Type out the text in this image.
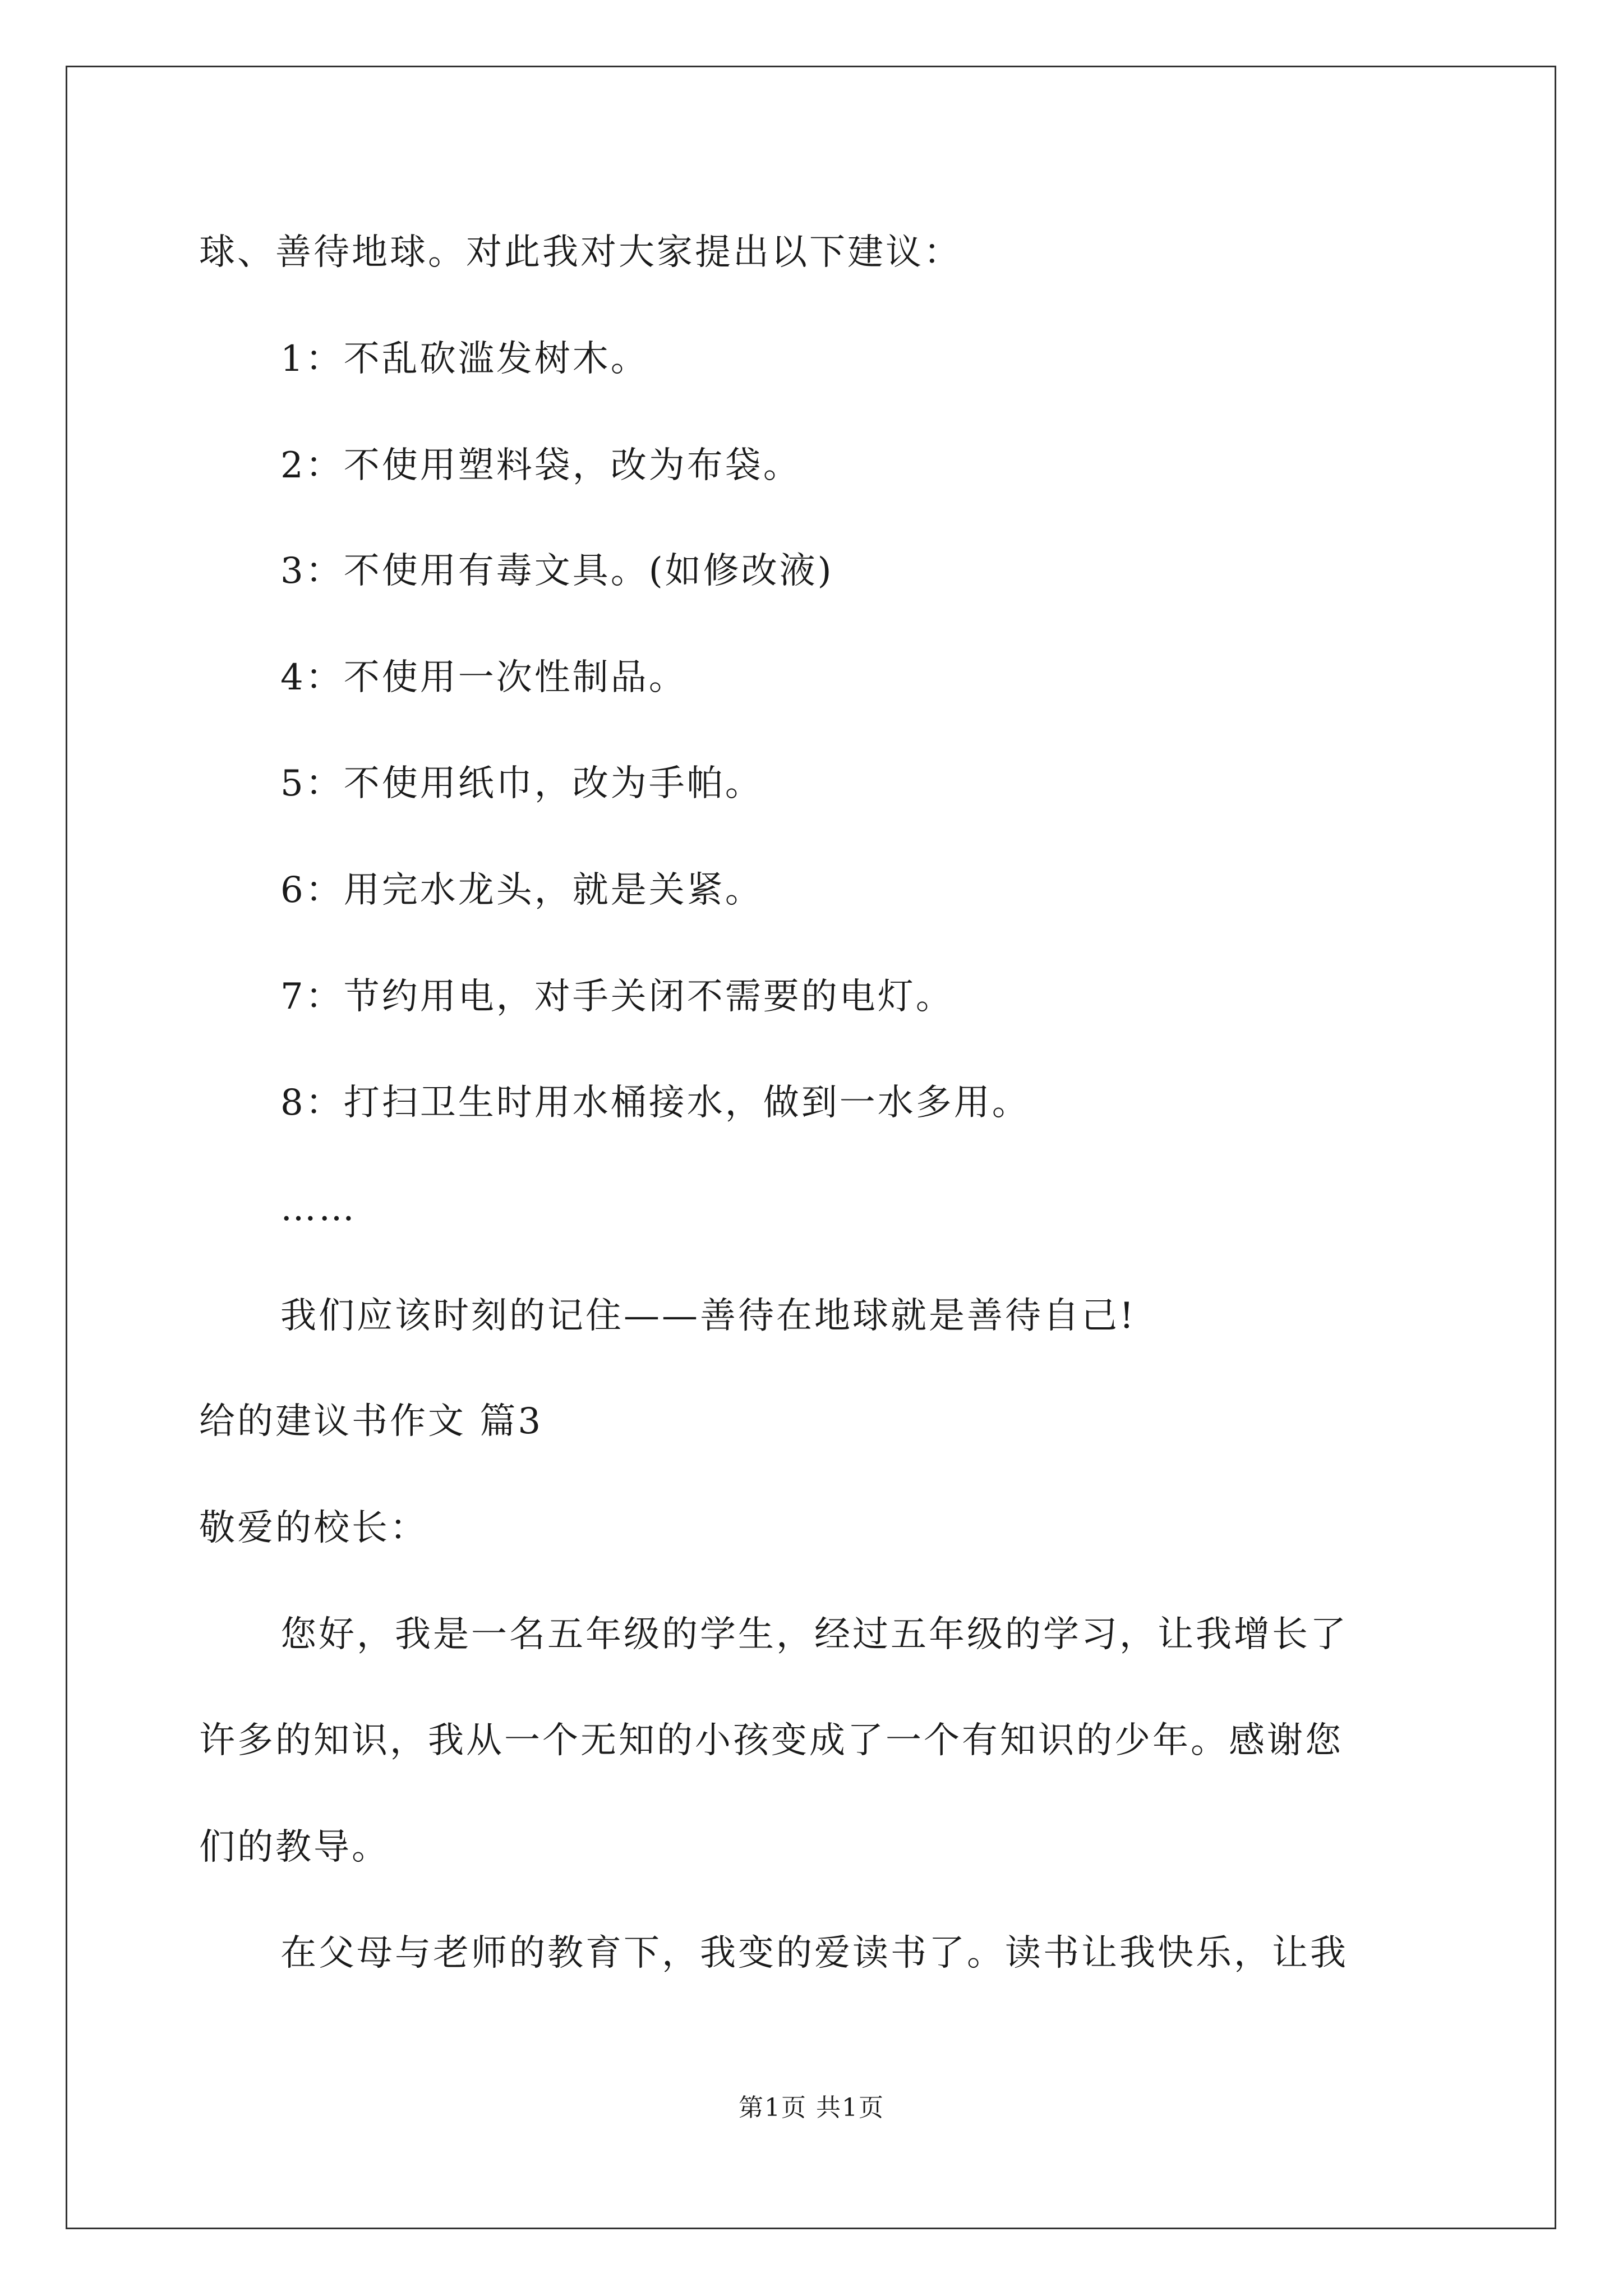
球、善待地球。对此我对大家提出以下建议：
1：不乱砍滥发树木。
2：不使用塑料袋，改为布袋。
3：不使用有毒文具。(如修改液)
4：不使用一次性制品。
5：不使用纸巾，改为手帕。
6：用完水龙头，就是关紧。
7：节约用电，对手关闭不需要的电灯。
8：打扫卫生时用水桶接水，做到一水多用。
……
我们应该时刻的记住——善待在地球就是善待自己!
给的建议书作文 篇3
敬爱的校长：
您好，我是一名五年级的学生，经过五年级的学习，让我增长了
许多的知识，我从一个无知的小孩变成了一个有知识的少年。感谢您
们的教导。
在父母与老师的教育下，我变的爱读书了。读书让我快乐，让我
第1页 共1页
